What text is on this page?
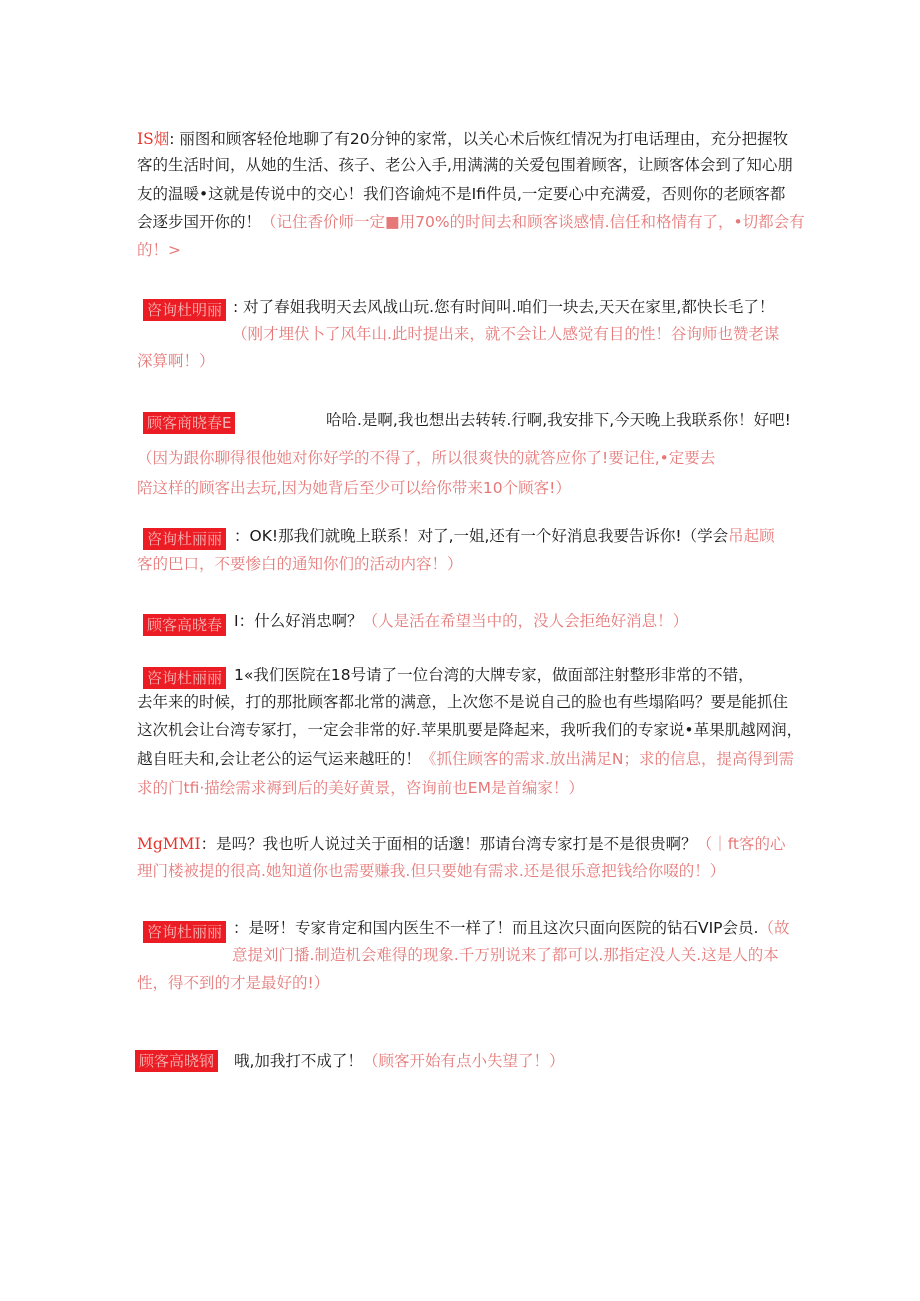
IS烟: 丽图和顾客轻伧地聊了有20分钟的家常，以关心术后恢红情况为打电话理由，充分把握牧
客的生活时间，从她的生活、孩子、老公入手,用满满的关爱包围着顾客，让顾客体会到了知心朋
友的温暖•这就是传说中的交心！我们咨谕炖不是Ifi件员,一定要心中充满爱，否则你的老顾客都
会逐步国开你的！（记住香价师一定■用70%的时间去和顾客谈感情.信任和格情有了，•切都会有
的！>
咨询杜明丽 : 对了春姐我明天去风战山玩.您有时间叫.咱们一块去,天天在家里,都快长毛了！
（刚才埋伏卜了风年山.此时提出来，就不会让人感觉有目的性！谷询师也赞老谋
深算啊！）
顾客商晓春E	哈哈.是啊,我也想出去转转.行啊,我安排下,今天晚上我联系你！好吧!
（因为跟你聊得很他她对你好学的不得了，所以很爽快的就答应你了!要记住,•定要去
陪这样的顾客出去玩,因为她背后至少可以给你带来10个顾客!）
咨询杜丽丽 ：OK!那我们就晚上联系！对了,一姐,还有一个好消息我要告诉你!（学会吊起顾
客的巴口，不要惨白的通知你们的活动内容！）
顾客高晓春 I：什么好消忠啊？（人是活在希望当中的，没人会拒绝好消息！）
咨询杜丽丽 1«我们医院在18号请了一位台湾的大牌专家，做面部注射整形非常的不错，
去年来的时候，打的那批顾客都北常的满意，上次您不是说自己的脸也有些塌陷吗？要是能抓住
这次机会让台湾专冢打，一定会非常的好.苹果肌要是降起来，我听我们的专家说•革果肌越网润，
越自旺夫和,会让老公的运气运来越旺的！《抓住顾客的需求.放出满足N；求的信息，提高得到需
求的门tfi·描绘需求褥到后的美好黄景，咨询前也EM是首编家！）
MgMMI：是吗？我也听人说过关于面相的话邈！那请台湾专家打是不是很贵啊？（｜ft客的心
理门楼被提的很高.她知道你也需要赚我.但只要她有需求.还是很乐意把钱给你啜的！）
咨询杜丽丽 ：是呀！专家肯定和国内医生不一样了！而且这次只面向医院的钻石VIP会员.（故
意提刘门播.制造机会难得的现象.千万别说来了都可以.那指定没人关.这是人的本
性，得不到的才是最好的!）
顾客高晓钢 哦,加我打不成了！（顾客开始有点小失望了！）
